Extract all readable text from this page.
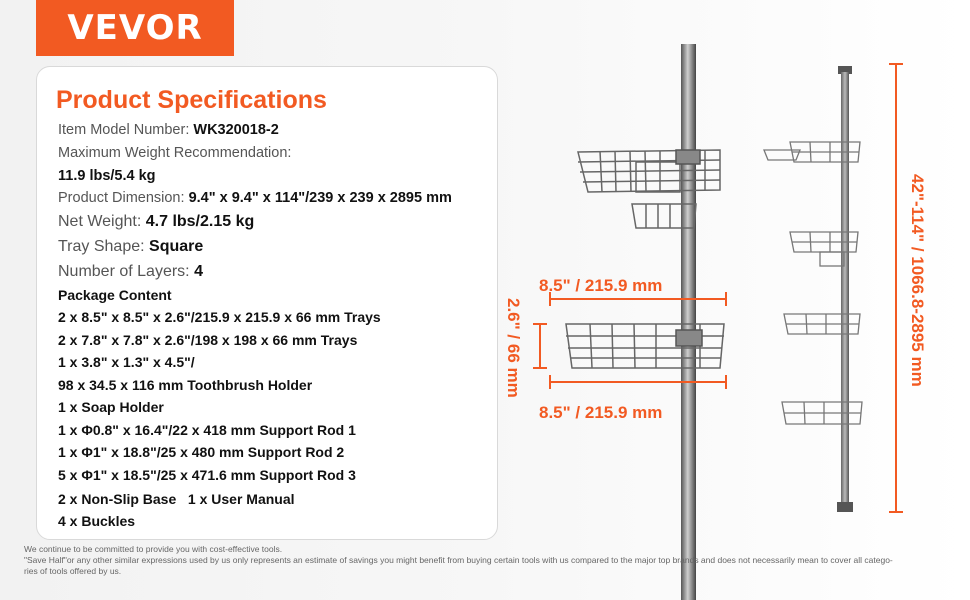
VEVOR
Product Specifications
Item Model Number: WK320018-2
Maximum Weight Recommendation:
11.9 lbs/5.4 kg
Product Dimension: 9.4" x 9.4" x 114"/239 x 239 x 2895 mm
Net Weight: 4.7 lbs/2.15 kg
Tray Shape: Square
Number of Layers: 4
Package Content
2 x 8.5" x 8.5" x 2.6"/215.9 x 215.9 x 66 mm Trays
2 x 7.8" x 7.8" x 2.6"/198 x 198 x 66 mm Trays
1 x 3.8" x 1.3" x 4.5"/
98 x 34.5 x 116 mm Toothbrush Holder
1 x Soap Holder
1 x Φ0.8" x 16.4"/22 x 418 mm Support Rod 1
1 x Φ1" x 18.8"/25 x 480 mm Support Rod 2
5 x Φ1" x 18.5"/25 x 471.6 mm Support Rod 3
2 x Non-Slip Base   1 x User Manual
4 x Buckles
8.5" / 215.9 mm
8.5" / 215.9 mm
2.6" / 66 mm	42"-114" / 1066.8-2895 mm
We continue to be committed to provide you with cost-effective tools.
"Save Half"or any other similar expressions used by us only represents an estimate of savings you might benefit from buying certain tools with us compared to the major top brands and does not necessarily mean to cover all catego-
ries of tools offered by us.
